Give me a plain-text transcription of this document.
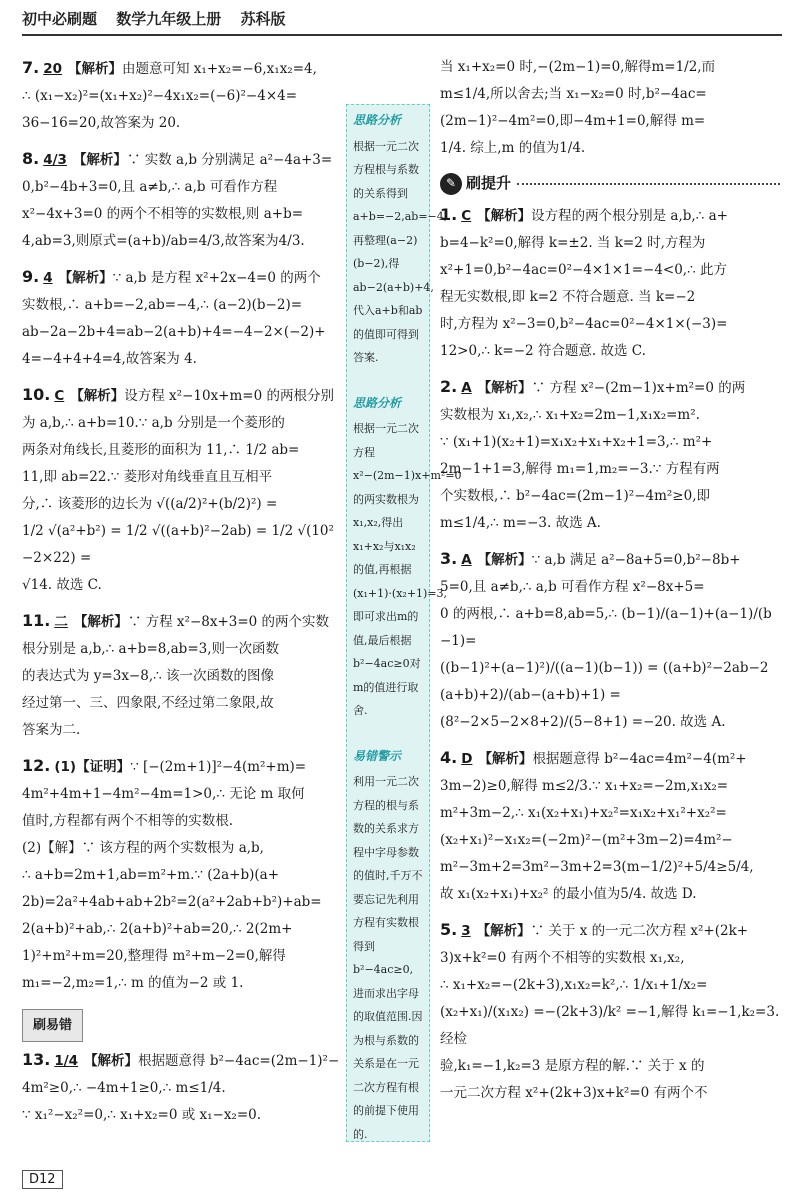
初中必刷题 数学九年级上册 苏科版

7. 20 【解析】由题意可知 x₁+x₂=−6,x₁x₂=4,

∴ (x₁−x₂)²=(x₁+x₂)²−4x₁x₂=(−6)²−4×4=

36−16=20,故答案为 20.

8. 4/3 【解析】∵ 实数 a,b 分别满足 a²−4a+3=

0,b²−4b+3=0,且 a≠b,∴ a,b 可看作方程

x²−4x+3=0 的两个不相等的实数根,则 a+b=

4,ab=3,则原式=(a+b)/ab=4/3,故答案为4/3.

9. 4 【解析】∵ a,b 是方程 x²+2x−4=0 的两个

实数根,∴ a+b=−2,ab=−4,∴ (a−2)(b−2)=

ab−2a−2b+4=ab−2(a+b)+4=−4−2×(−2)+

4=−4+4+4=4,故答案为 4.

10. C 【解析】设方程 x²−10x+m=0 的两根分别

为 a,b,∴ a+b=10.∵ a,b 分别是一个菱形的

两条对角线长,且菱形的面积为 11,∴ 1/2 ab=

11,即 ab=22.∵ 菱形对角线垂直且互相平

分,∴ 该菱形的边长为 √((a/2)²+(b/2)²) =

1/2 √(a²+b²) = 1/2 √((a+b)²−2ab) = 1/2 √(10²−2×22) =

√14. 故选 C.

11. 二 【解析】∵ 方程 x²−8x+3=0 的两个实数

根分别是 a,b,∴ a+b=8,ab=3,则一次函数

的表达式为 y=3x−8,∴ 该一次函数的图像

经过第一、三、四象限,不经过第二象限,故

答案为二.

12. (1)【证明】∵ [−(2m+1)]²−4(m²+m)=

4m²+4m+1−4m²−4m=1>0,∴ 无论 m 取何

值时,方程都有两个不相等的实数根.

(2)【解】∵ 该方程的两个实数根为 a,b,

∴ a+b=2m+1,ab=m²+m.∵ (2a+b)(a+

2b)=2a²+4ab+ab+2b²=2(a²+2ab+b²)+ab=

2(a+b)²+ab,∴ 2(a+b)²+ab=20,∴ 2(2m+

1)²+m²+m=20,整理得 m²+m−2=0,解得

m₁=−2,m₂=1,∴ m 的值为−2 或 1.

刷易错

13. 1/4 【解析】根据题意得 b²−4ac=(2m−1)²−

4m²≥0,∴ −4m+1≥0,∴ m≤1/4.

∵ x₁²−x₂²=0,∴ x₁+x₂=0 或 x₁−x₂=0.

思路分析
根据一元二次方程根与系数的关系得到a+b=−2,ab=−4,再整理(a−2)(b−2),得ab−2(a+b)+4,代入a+b和ab的值即可得到答案.
思路分析
根据一元二次方程x²−(2m−1)x+m²=0的两实数根为x₁,x₂,得出x₁+x₂与x₁x₂的值,再根据(x₁+1)·(x₂+1)=3,即可求出m的值,最后根据b²−4ac≥0对m的值进行取舍.
易错警示
利用一元二次方程的根与系数的关系求方程中字母参数的值时,千万不要忘记先利用方程有实数根得到b²−4ac≥0,进而求出字母的取值范围.因为根与系数的关系是在一元二次方程有根的前提下使用的.

当 x₁+x₂=0 时,−(2m−1)=0,解得m=1/2,而

m≤1/4,所以舍去;当 x₁−x₂=0 时,b²−4ac=

(2m−1)²−4m²=0,即−4m+1=0,解得 m=

1/4. 综上,m 的值为1/4.

✎ 刷提升

1. C 【解析】设方程的两个根分别是 a,b,∴ a+

b=4−k²=0,解得 k=±2. 当 k=2 时,方程为

x²+1=0,b²−4ac=0²−4×1×1=−4<0,∴ 此方

程无实数根,即 k=2 不符合题意. 当 k=−2

时,方程为 x²−3=0,b²−4ac=0²−4×1×(−3)=

12>0,∴ k=−2 符合题意. 故选 C.

2. A 【解析】∵ 方程 x²−(2m−1)x+m²=0 的两

实数根为 x₁,x₂,∴ x₁+x₂=2m−1,x₁x₂=m².

∵ (x₁+1)(x₂+1)=x₁x₂+x₁+x₂+1=3,∴ m²+

2m−1+1=3,解得 m₁=1,m₂=−3.∵ 方程有两

个实数根,∴ b²−4ac=(2m−1)²−4m²≥0,即

m≤1/4,∴ m=−3. 故选 A.

3. A 【解析】∵ a,b 满足 a²−8a+5=0,b²−8b+

5=0,且 a≠b,∴ a,b 可看作方程 x²−8x+5=

0 的两根,∴ a+b=8,ab=5,∴ (b−1)/(a−1)+(a−1)/(b−1)=

((b−1)²+(a−1)²)/((a−1)(b−1)) = ((a+b)²−2ab−2(a+b)+2)/(ab−(a+b)+1) =

(8²−2×5−2×8+2)/(5−8+1) =−20. 故选 A.

4. D 【解析】根据题意得 b²−4ac=4m²−4(m²+

3m−2)≥0,解得 m≤2/3.∵ x₁+x₂=−2m,x₁x₂=

m²+3m−2,∴ x₁(x₂+x₁)+x₂²=x₁x₂+x₁²+x₂²=

(x₂+x₁)²−x₁x₂=(−2m)²−(m²+3m−2)=4m²−

m²−3m+2=3m²−3m+2=3(m−1/2)²+5/4≥5/4,

故 x₁(x₂+x₁)+x₂² 的最小值为5/4. 故选 D.

5. 3 【解析】∵ 关于 x 的一元二次方程 x²+(2k+

3)x+k²=0 有两个不相等的实数根 x₁,x₂,

∴ x₁+x₂=−(2k+3),x₁x₂=k²,∴ 1/x₁+1/x₂=

(x₂+x₁)/(x₁x₂) =−(2k+3)/k² =−1,解得 k₁=−1,k₂=3. 经检

验,k₁=−1,k₂=3 是原方程的解.∵ 关于 x 的

一元二次方程 x²+(2k+3)x+k²=0 有两个不

D12
